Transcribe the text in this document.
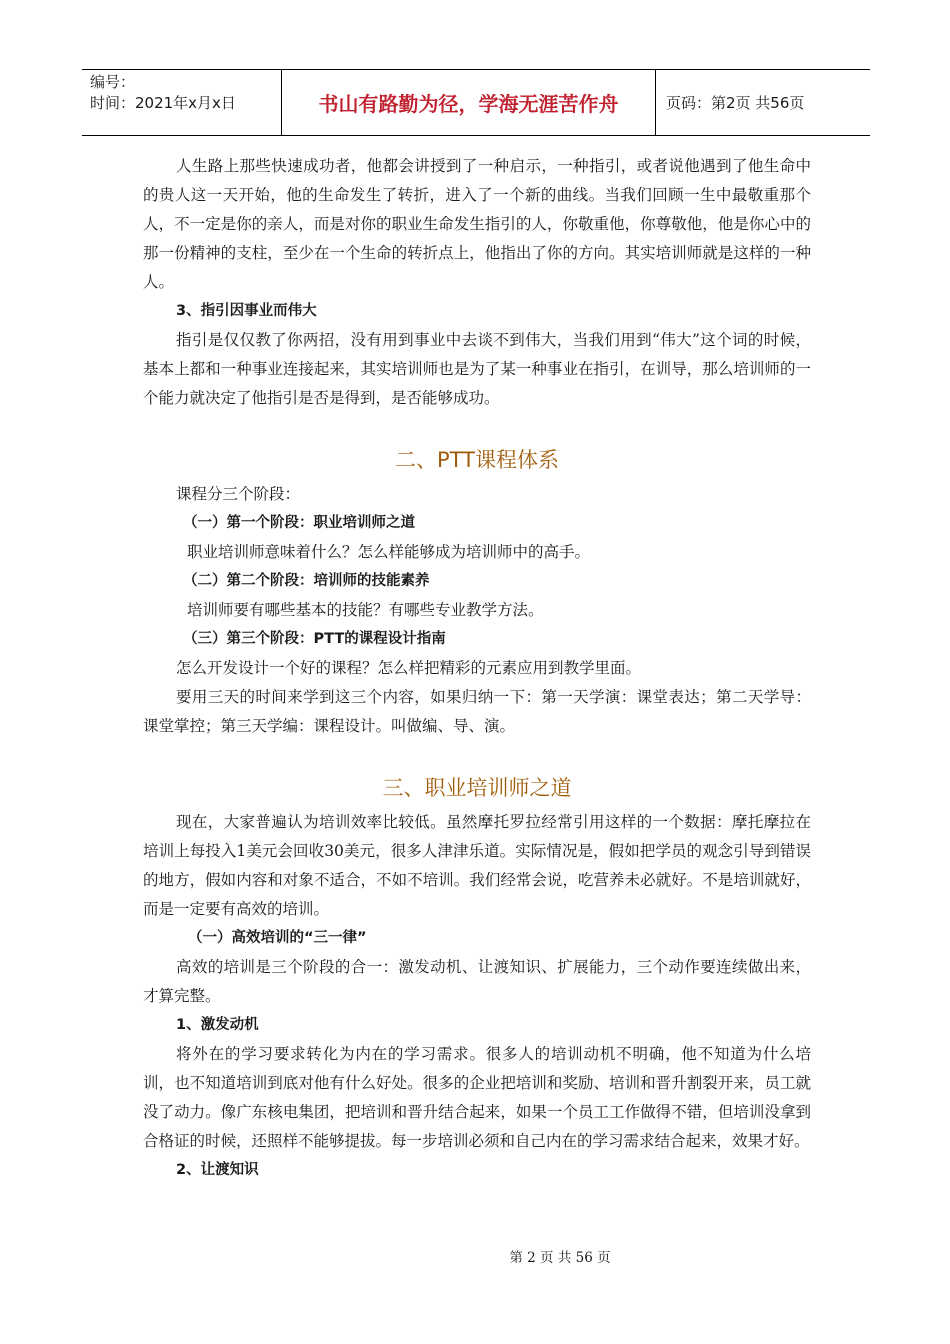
编号：
时间：2021年x月x日	书山有路勤为径，学海无涯苦作舟	页码：第2页 共56页

人生路上那些快速成功者，他都会讲授到了一种启示，一种指引，或者说他遇到了他生命中的贵人这一天开始，他的生命发生了转折，进入了一个新的曲线。当我们回顾一生中最敬重那个人，不一定是你的亲人，而是对你的职业生命发生指引的人，你敬重他，你尊敬他，他是你心中的那一份精神的支柱，至少在一个生命的转折点上，他指出了你的方向。其实培训师就是这样的一种人。

3、指引因事业而伟大

指引是仅仅教了你两招，没有用到事业中去谈不到伟大，当我们用到“伟大”这个词的时候，基本上都和一种事业连接起来，其实培训师也是为了某一种事业在指引，在训导，那么培训师的一个能力就决定了他指引是否是得到，是否能够成功。

二、PTT课程体系

课程分三个阶段：

（一）第一个阶段：职业培训师之道

职业培训师意味着什么？怎么样能够成为培训师中的高手。

（二）第二个阶段：培训师的技能素养

培训师要有哪些基本的技能？有哪些专业教学方法。

（三）第三个阶段：PTT的课程设计指南

怎么开发设计一个好的课程？怎么样把精彩的元素应用到教学里面。

要用三天的时间来学到这三个内容，如果归纳一下：第一天学演：课堂表达；第二天学导：课堂掌控；第三天学编：课程设计。叫做编、导、演。

三、职业培训师之道

现在，大家普遍认为培训效率比较低。虽然摩托罗拉经常引用这样的一个数据：摩托摩拉在培训上每投入1美元会回收30美元，很多人津津乐道。实际情况是，假如把学员的观念引导到错误的地方，假如内容和对象不适合，不如不培训。我们经常会说，吃营养未必就好。不是培训就好，而是一定要有高效的培训。

（一）高效培训的“三一律”

高效的培训是三个阶段的合一：激发动机、让渡知识、扩展能力，三个动作要连续做出来，才算完整。

1、激发动机

将外在的学习要求转化为内在的学习需求。很多人的培训动机不明确，他不知道为什么培训，也不知道培训到底对他有什么好处。很多的企业把培训和奖励、培训和晋升割裂开来，员工就没了动力。像广东核电集团，把培训和晋升结合起来，如果一个员工工作做得不错，但培训没拿到合格证的时候，还照样不能够提拔。每一步培训必须和自己内在的学习需求结合起来，效果才好。

2、让渡知识
第 2 页 共 56 页
